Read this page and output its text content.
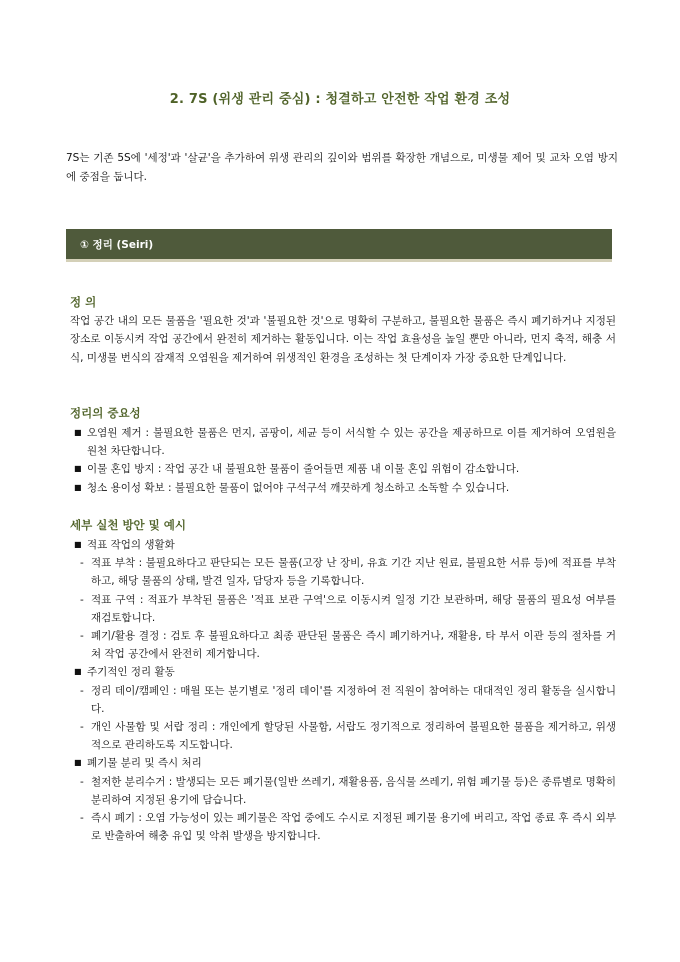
2. 7S (위생 관리 중심) : 청결하고 안전한 작업 환경 조성
7S는 기존 5S에 '세정'과 '살균'을 추가하여 위생 관리의 깊이와 범위를 확장한 개념으로, 미생물 제어 및 교차 오염 방지에 중점을 둡니다.
① 정리 (Seiri)
정 의
작업 공간 내의 모든 물품을 '필요한 것'과 '불필요한 것'으로 명확히 구분하고, 불필요한 물품은 즉시 폐기하거나 지정된 장소로 이동시켜 작업 공간에서 완전히 제거하는 활동입니다. 이는 작업 효율성을 높일 뿐만 아니라, 먼지 축적, 해충 서식, 미생물 번식의 잠재적 오염원을 제거하여 위생적인 환경을 조성하는 첫 단계이자 가장 중요한 단계입니다.
정리의 중요성
■ 오염원 제거 : 불필요한 물품은 먼지, 곰팡이, 세균 등이 서식할 수 있는 공간을 제공하므로 이를 제거하여 오염원을 원천 차단합니다.
■ 이물 혼입 방지 : 작업 공간 내 불필요한 물품이 줄어들면 제품 내 이물 혼입 위험이 감소합니다.
■ 청소 용이성 확보 : 불필요한 물품이 없어야 구석구석 깨끗하게 청소하고 소독할 수 있습니다.
세부 실천 방안 및 예시
■ 적표 작업의 생활화
- 적표 부착 : 불필요하다고 판단되는 모든 물품(고장 난 장비, 유효 기간 지난 원료, 불필요한 서류 등)에 적표를 부착하고, 해당 물품의 상태, 발견 일자, 담당자 등을 기록합니다.
- 적표 구역 : 적표가 부착된 물품은 '적표 보관 구역'으로 이동시켜 일정 기간 보관하며, 해당 물품의 필요성 여부를 재검토합니다.
- 폐기/활용 결정 : 검토 후 불필요하다고 최종 판단된 물품은 즉시 폐기하거나, 재활용, 타 부서 이관 등의 절차를 거쳐 작업 공간에서 완전히 제거합니다.
■ 주기적인 정리 활동
- 정리 데이/캠페인 : 매월 또는 분기별로 '정리 데이'를 지정하여 전 직원이 참여하는 대대적인 정리 활동을 실시합니다.
- 개인 사물함 및 서랍 정리 : 개인에게 할당된 사물함, 서랍도 정기적으로 정리하여 불필요한 물품을 제거하고, 위생적으로 관리하도록 지도합니다.
■ 폐기물 분리 및 즉시 처리
- 철저한 분리수거 : 발생되는 모든 폐기물(일반 쓰레기, 재활용품, 음식물 쓰레기, 위험 폐기물 등)은 종류별로 명확히 분리하여 지정된 용기에 담습니다.
- 즉시 폐기 : 오염 가능성이 있는 폐기물은 작업 중에도 수시로 지정된 폐기물 용기에 버리고, 작업 종료 후 즉시 외부로 반출하여 해충 유입 및 악취 발생을 방지합니다.
